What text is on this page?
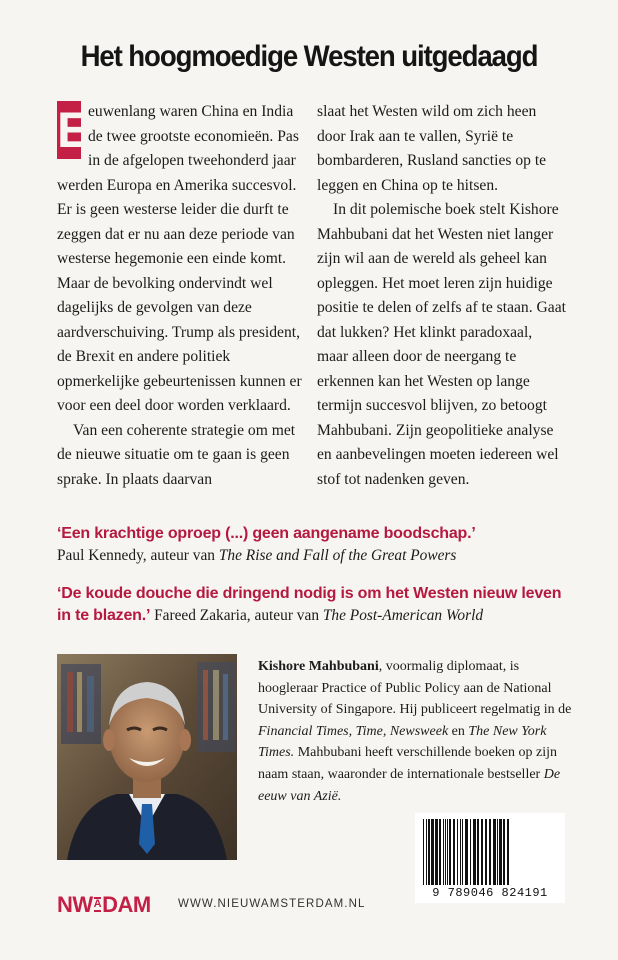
Het hoogmoedige Westen uitgedaagd

E
euwenlang waren China en India de twee grootste economieën. Pas in de afgelopen tweehonderd jaar werden Europa en Amerika succesvol. Er is geen westerse leider die durft te zeggen dat er nu aan deze periode van westerse hegemonie een einde komt. Maar de bevolking ondervindt wel dagelijks de gevolgen van deze aardverschuiving. Trump als president, de Brexit en andere politiek opmerkelijke gebeurtenissen kunnen er voor een deel door worden verklaard.

Van een coherente strategie om met de nieuwe situatie om te gaan is geen sprake. In plaats daarvan

slaat het Westen wild om zich heen door Irak aan te vallen, Syrië te bombarderen, Rusland sancties op te leggen en China op te hitsen.

In dit polemische boek stelt Kishore Mahbubani dat het Westen niet langer zijn wil aan de wereld als geheel kan opleggen. Het moet leren zijn huidige positie te delen of zelfs af te staan. Gaat dat lukken? Het klinkt paradoxaal, maar alleen door de neergang te erkennen kan het Westen op lange termijn succesvol blijven, zo betoogt Mahbubani. Zijn geopolitieke analyse en aanbevelingen moeten iedereen wel stof tot nadenken geven.

‘Een krachtige oproep (...) geen aangename boodschap.’
Paul Kennedy, auteur van The Rise and Fall of the Great Powers
‘De koude douche die dringend nodig is om het Westen nieuw leven in te blazen.’ Fareed Zakaria, auteur van The Post-American World
Kishore Mahbubani, voormalig diplomaat, is hoogleraar Practice of Public Policy aan de National University of Singapore. Hij publiceert regelmatig in de Financial Times, Time, Newsweek en The New York Times. Mahbubani heeft verschillende boeken op zijn naam staan, waaronder de internationale bestseller De eeuw van Azië.
9 789046 824191
NW A DAM WWW.NIEUWAMSTERDAM.NL
